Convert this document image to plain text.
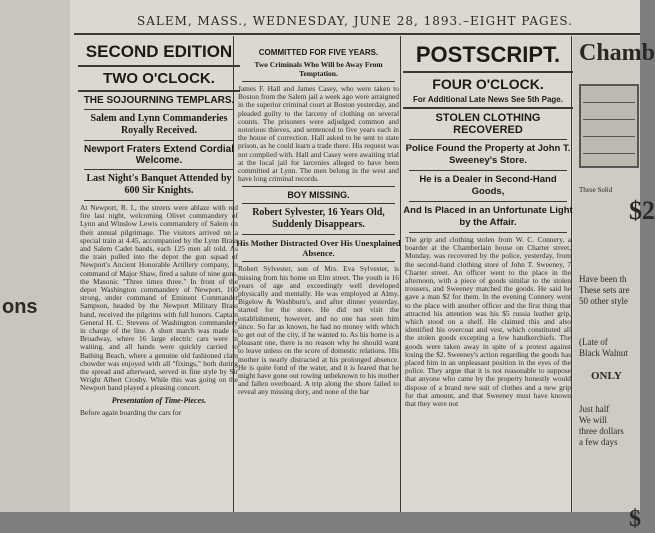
ons
SALEM, MASS., WEDNESDAY, JUNE 28, 1893.–EIGHT PAGES.
SECOND EDITION
TWO O'CLOCK.
THE SOJOURNING TEMPLARS.
Salem and Lynn Commanderies Royally Received.
Newport Fraters Extend Cordial Welcome.
Last Night's Banquet Attended by 600 Sir Knights.

At Newport, R. I., the streets were ablaze with red fire last night, welcoming Olivet commandery of Lynn and Winslow Lewis commandery of Salem on their annual pilgrimage. The visitors arrived on a special train at 4.45, accompanied by the Lynn Brass and Salem Cadet bands, each 125 men all told. As the train pulled into the depot the gun squad of Newport's Ancient Honorable Artillery company, in command of Major Shaw, fired a salute of nine guns, the Masonic "Three times three." In front of the depot Washington commandery of Newport, 100 strong, under command of Eminent Commander Sampson, headed by the Newport Military Brass band, received the pilgrims with full honors. Captain General H. C. Stevens of Washington commandery in charge of the line. A short march was made to Broadway, where 16 large electric cars were in waiting, and all hands were quickly carried to Bathing Beach, where a genuine old fashioned clam chowder was enjoyed with all "fixings," both during the spread and afterward, served in fine style by Sir Wright Albert Crosby. While this was going on the Newport band played a pleasing concert.

Presentation of Time-Pieces.

Before again boarding the cars for

COMMITTED FOR FIVE YEARS.
Two Criminals Who Will be Away From Temptation.

James F. Hall and James Casey, who were taken to Boston from the Salem jail a week ago were arraigned in the superior criminal court at Boston yesterday, and pleaded guilty to the larceny of clothing on several counts. The prisoners were adjudged common and notorious thieves, and sentenced to five years each in the house of correction. Hall asked to be sent to state prison, as he could learn a trade there. His request was not complied with. Hall and Casey were awaiting trial at the local jail for larcenies alleged to have been committed at Lynn. The men belong in the west and have long criminal records.

BOY MISSING.
Robert Sylvester, 16 Years Old, Suddenly Disappears.
His Mother Distracted Over His Unexplained Absence.

Robert Sylvester, son of Mrs. Eva Sylvester, is missing from his home on Elm street. The youth is 16 years of age and exceedingly well developed physically and mentally. He was employed at Almy, Bigelow & Washburn's, and after dinner yesterday, started for the store. He did not visit the establishment, however, and no one has seen him since. So far as known, he had no money with which to get out of the city, if he wanted to. As his home is a pleasant one, there is no reason why he should want to leave unless on the score of domestic relations. His mother is nearly distracted at his prolonged absence. He is quite fond of the water, and it is feared that he might have gone out rowing unbeknown to his mother and fallen overboard. A trip along the shore failed to reveal any missing dory, and none of the bar

POSTSCRIPT.
FOUR O'CLOCK.
For Additional Late News See 5th Page.
STOLEN CLOTHING RECOVERED
Police Found the Property at John T. Sweeney's Store.
He is a Dealer in Second-Hand Goods,
And Is Placed in an Unfortunate Light by the Affair.

The grip and clothing stolen from W. C. Connery, a boarder at the Chamberlain house on Charter street, Monday, was recovered by the police, yesterday, from the second-hand clothing store of John T. Sweeney, 7 Charter street. An officer went to the place in the afternoon, with a piece of goods similar to the stolen trousers, and Sweeney matched the goods. He said he gave a man $2 for them. In the evening Connery went to the place with another officer and the first thing that attracted his attention was his $5 russia leather grip, which stood on a shelf. He claimed this and also identified his overcoat and vest, which constituted all the stolen goods excepting a few handkerchiefs. The goods were taken away in spite of a protest against losing the $2. Sweeney's action regarding the goods has placed him in an unpleasant position in the eyes of the police. They argue that it is not reasonable to suppose that anyone who came by the property honestly would dispose of a brand new suit of clothes and a new grip for that amount, and that Sweeney must have known that they were not

Chamb
These Solid
$2
Have been th
These sets are
50 other style
(Late of
Black Walnut
ONLY
Just half
We will
three dollars
a few days
$
